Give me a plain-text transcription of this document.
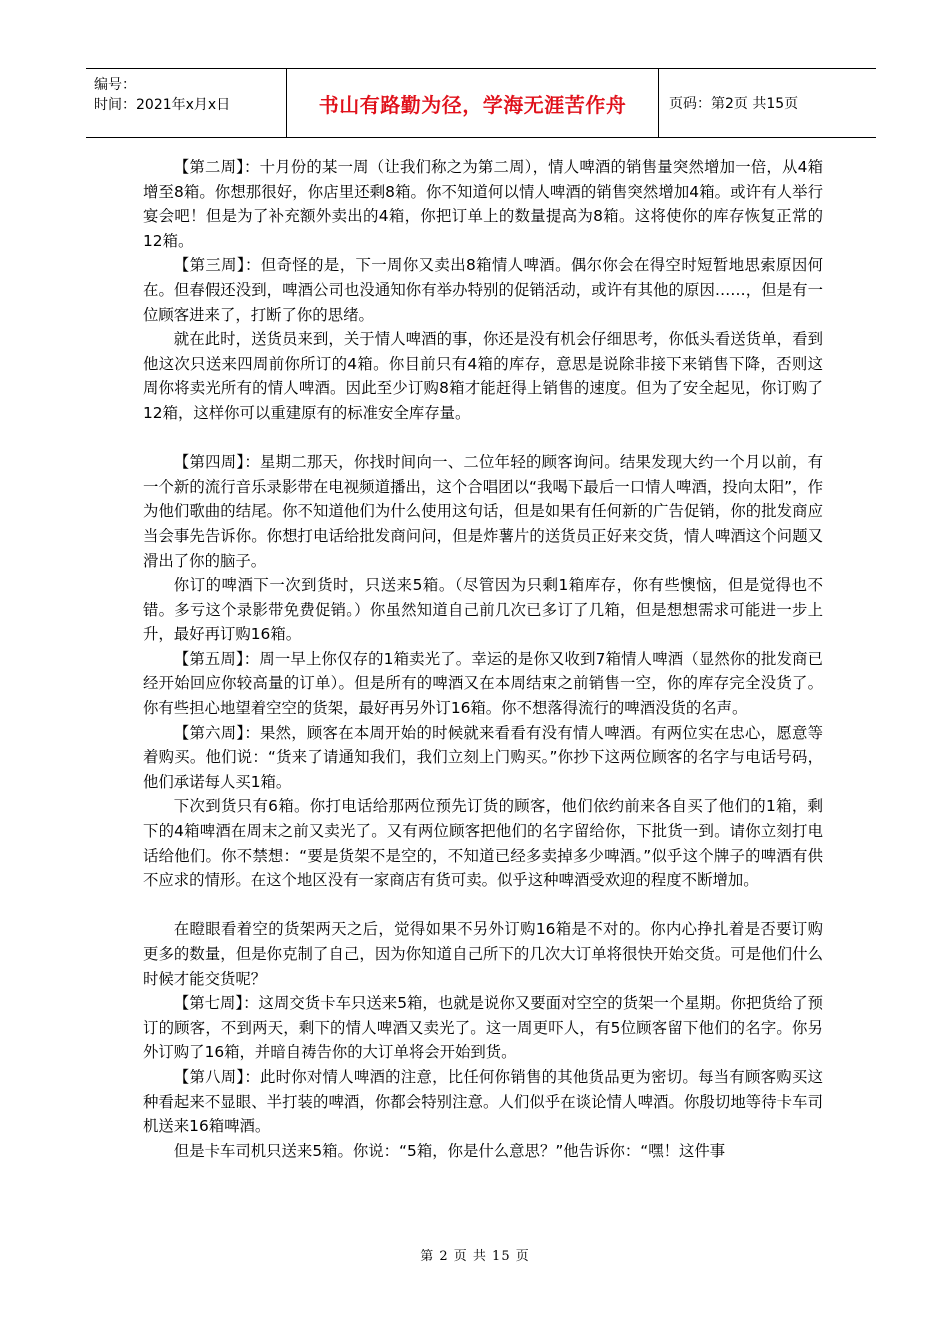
编号：
时间：2021年x月x日	书山有路勤为径，学海无涯苦作舟	页码：第2页 共15页

【第二周】：十月份的某一周（让我们称之为第二周），情人啤酒的销售量突然增加一倍，从4箱增至8箱。你想那很好，你店里还剩8箱。你不知道何以情人啤酒的销售突然增加4箱。或许有人举行宴会吧！但是为了补充额外卖出的4箱，你把订单上的数量提高为8箱。这将使你的库存恢复正常的12箱。

【第三周】：但奇怪的是，下一周你又卖出8箱情人啤酒。偶尔你会在得空时短暂地思索原因何在。但春假还没到，啤酒公司也没通知你有举办特别的促销活动，或许有其他的原因……，但是有一位顾客进来了，打断了你的思绪。

就在此时，送货员来到，关于情人啤酒的事，你还是没有机会仔细思考，你低头看送货单，看到他这次只送来四周前你所订的4箱。你目前只有4箱的库存，意思是说除非接下来销售下降，否则这周你将卖光所有的情人啤酒。因此至少订购8箱才能赶得上销售的速度。但为了安全起见，你订购了12箱，这样你可以重建原有的标准安全库存量。

【第四周】：星期二那天，你找时间向一、二位年轻的顾客询问。结果发现大约一个月以前，有一个新的流行音乐录影带在电视频道播出，这个合唱团以“我喝下最后一口情人啤酒，投向太阳”，作为他们歌曲的结尾。你不知道他们为什么使用这句话，但是如果有任何新的广告促销，你的批发商应当会事先告诉你。你想打电话给批发商问问，但是炸薯片的送货员正好来交货，情人啤酒这个问题又滑出了你的脑子。

你订的啤酒下一次到货时，只送来5箱。（尽管因为只剩1箱库存，你有些懊恼，但是觉得也不错。多亏这个录影带免费促销。）你虽然知道自己前几次已多订了几箱，但是想想需求可能进一步上升，最好再订购16箱。

【第五周】：周一早上你仅存的1箱卖光了。幸运的是你又收到7箱情人啤酒（显然你的批发商已经开始回应你较高量的订单）。但是所有的啤酒又在本周结束之前销售一空，你的库存完全没货了。你有些担心地望着空空的货架，最好再另外订16箱。你不想落得流行的啤酒没货的名声。

【第六周】：果然，顾客在本周开始的时候就来看看有没有情人啤酒。有两位实在忠心，愿意等着购买。他们说：“货来了请通知我们，我们立刻上门购买。”你抄下这两位顾客的名字与电话号码，他们承诺每人买1箱。

下次到货只有6箱。你打电话给那两位预先订货的顾客，他们依约前来各自买了他们的1箱，剩下的4箱啤酒在周末之前又卖光了。又有两位顾客把他们的名字留给你，下批货一到。请你立刻打电话给他们。你不禁想：“要是货架不是空的，不知道已经多卖掉多少啤酒。”似乎这个牌子的啤酒有供不应求的情形。在这个地区没有一家商店有货可卖。似乎这种啤酒受欢迎的程度不断增加。

在瞪眼看着空的货架两天之后，觉得如果不另外订购16箱是不对的。你内心挣扎着是否要订购更多的数量，但是你克制了自己，因为你知道自己所下的几次大订单将很快开始交货。可是他们什么时候才能交货呢？

【第七周】：这周交货卡车只送来5箱，也就是说你又要面对空空的货架一个星期。你把货给了预订的顾客，不到两天，剩下的情人啤酒又卖光了。这一周更吓人，有5位顾客留下他们的名字。你另外订购了16箱，并暗自祷告你的大订单将会开始到货。

【第八周】：此时你对情人啤酒的注意，比任何你销售的其他货品更为密切。每当有顾客购买这种看起来不显眼、半打装的啤酒，你都会特别注意。人们似乎在谈论情人啤酒。你殷切地等待卡车司机送来16箱啤酒。

但是卡车司机只送来5箱。你说：“5箱，你是什么意思？”他告诉你：“嘿！这件事

第 2 页 共 15 页
